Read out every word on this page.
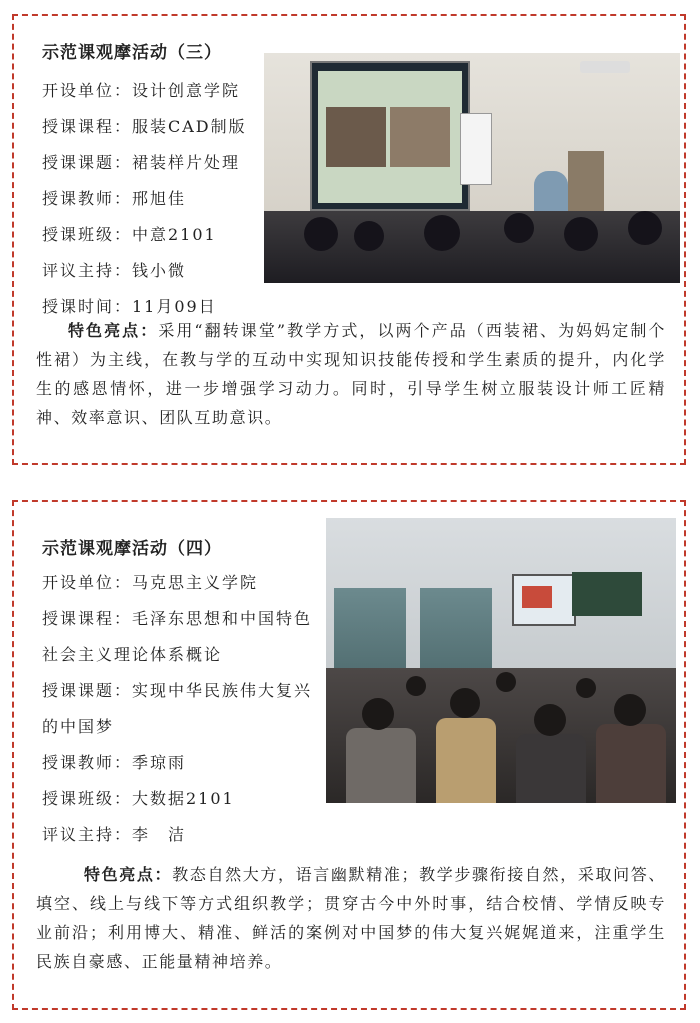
示范课观摩活动（三）
开设单位：设计创意学院
授课课程：服装CAD制版
授课课题：裙装样片处理
授课教师：邢旭佳
授课班级：中意2101
评议主持：钱小微
授课时间：11月09日
特色亮点：采用“翻转课堂”教学方式，以两个产品（西装裙、为妈妈定制个性裙）为主线，在教与学的互动中实现知识技能传授和学生素质的提升，内化学生的感恩情怀，进一步增强学习动力。同时，引导学生树立服装设计师工匠精神、效率意识、团队互助意识。
示范课观摩活动（四）
开设单位：马克思主义学院
授课课程：毛泽东思想和中国特色
社会主义理论体系概论
授课课题：实现中华民族伟大复兴
的中国梦
授课教师：季琼雨
授课班级：大数据2101
评议主持：李　洁
特色亮点：教态自然大方，语言幽默精准；教学步骤衔接自然，采取问答、填空、线上与线下等方式组织教学；贯穿古今中外时事，结合校情、学情反映专业前沿；利用博大、精准、鲜活的案例对中国梦的伟大复兴娓娓道来，注重学生民族自豪感、正能量精神培养。
